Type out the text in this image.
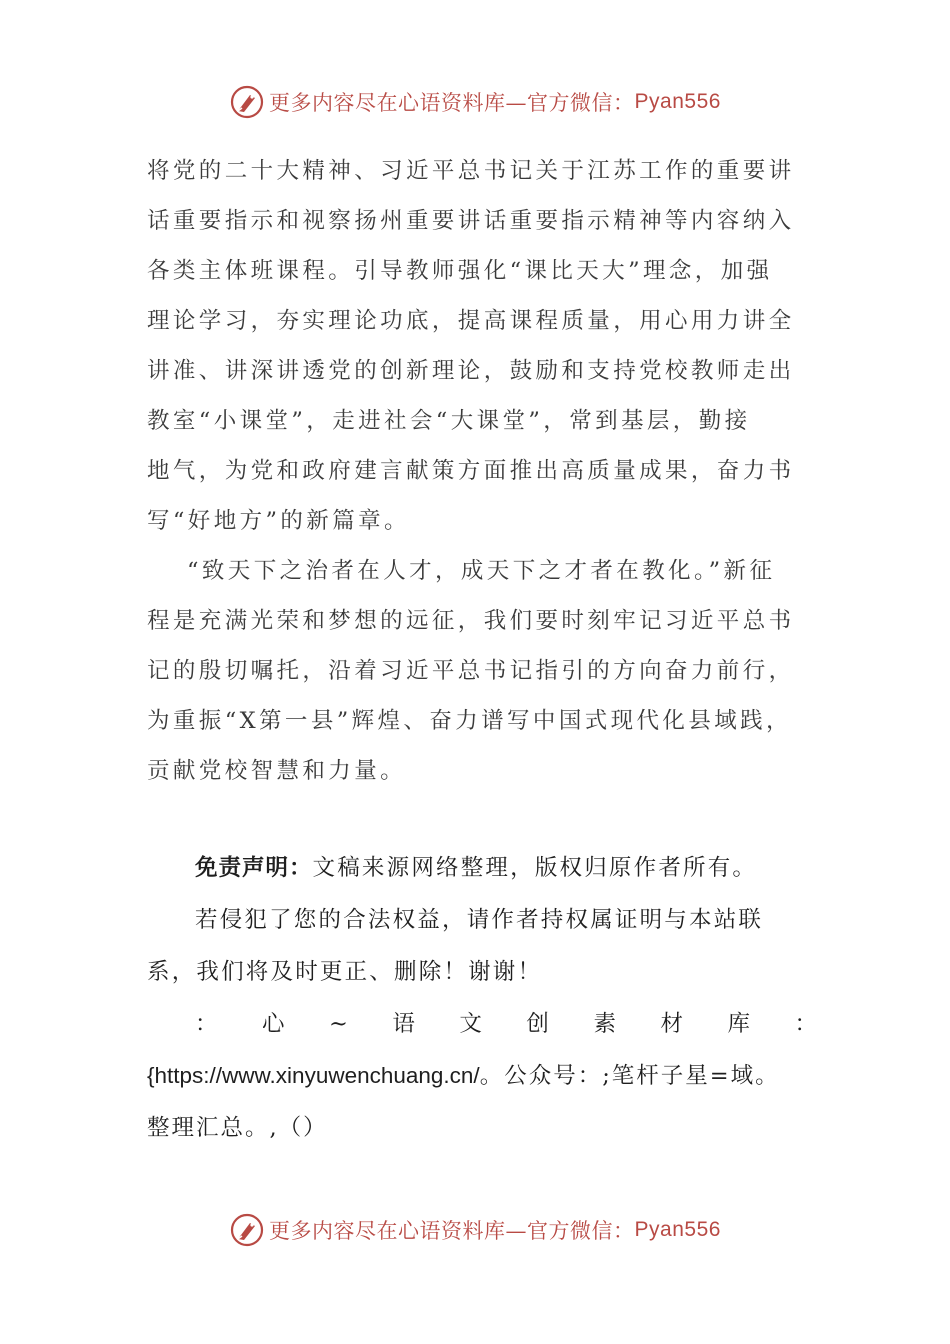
更多内容尽在心语资料库—官方微信： Pyan556
将党的二十大精神、习近平总书记关于江苏工作的重要讲
话重要指示和视察扬州重要讲话重要指示精神等内容纳入
各类主体班课程。引导教师强化“课比天大”理念，加强
理论学习，夯实理论功底，提高课程质量，用心用力讲全
讲准、讲深讲透党的创新理论，鼓励和支持党校教师走出
教室“小课堂”，走进社会“大课堂”，常到基层，勤接
地气，为党和政府建言献策方面推出高质量成果，奋力书
写“好地方”的新篇章。
“致天下之治者在人才，成天下之才者在教化。”新征
程是充满光荣和梦想的远征，我们要时刻牢记习近平总书
记的殷切嘱托，沿着习近平总书记指引的方向奋力前行，
为重振“X第一县”辉煌、奋力谱写中国式现代化县域践，
贡献党校智慧和力量。
免责声明：文稿来源网络整理，版权归原作者所有。
若侵犯了您的合法权益，请作者持权属证明与本站联
系，我们将及时更正、删除！谢谢！
： 心 ~ 语 文 创 素 材 库 ：
{https://www.xinyuwenchuang.cn/。公众号：;笔杆子星=域。
整理汇总。,（）
更多内容尽在心语资料库—官方微信： Pyan556
